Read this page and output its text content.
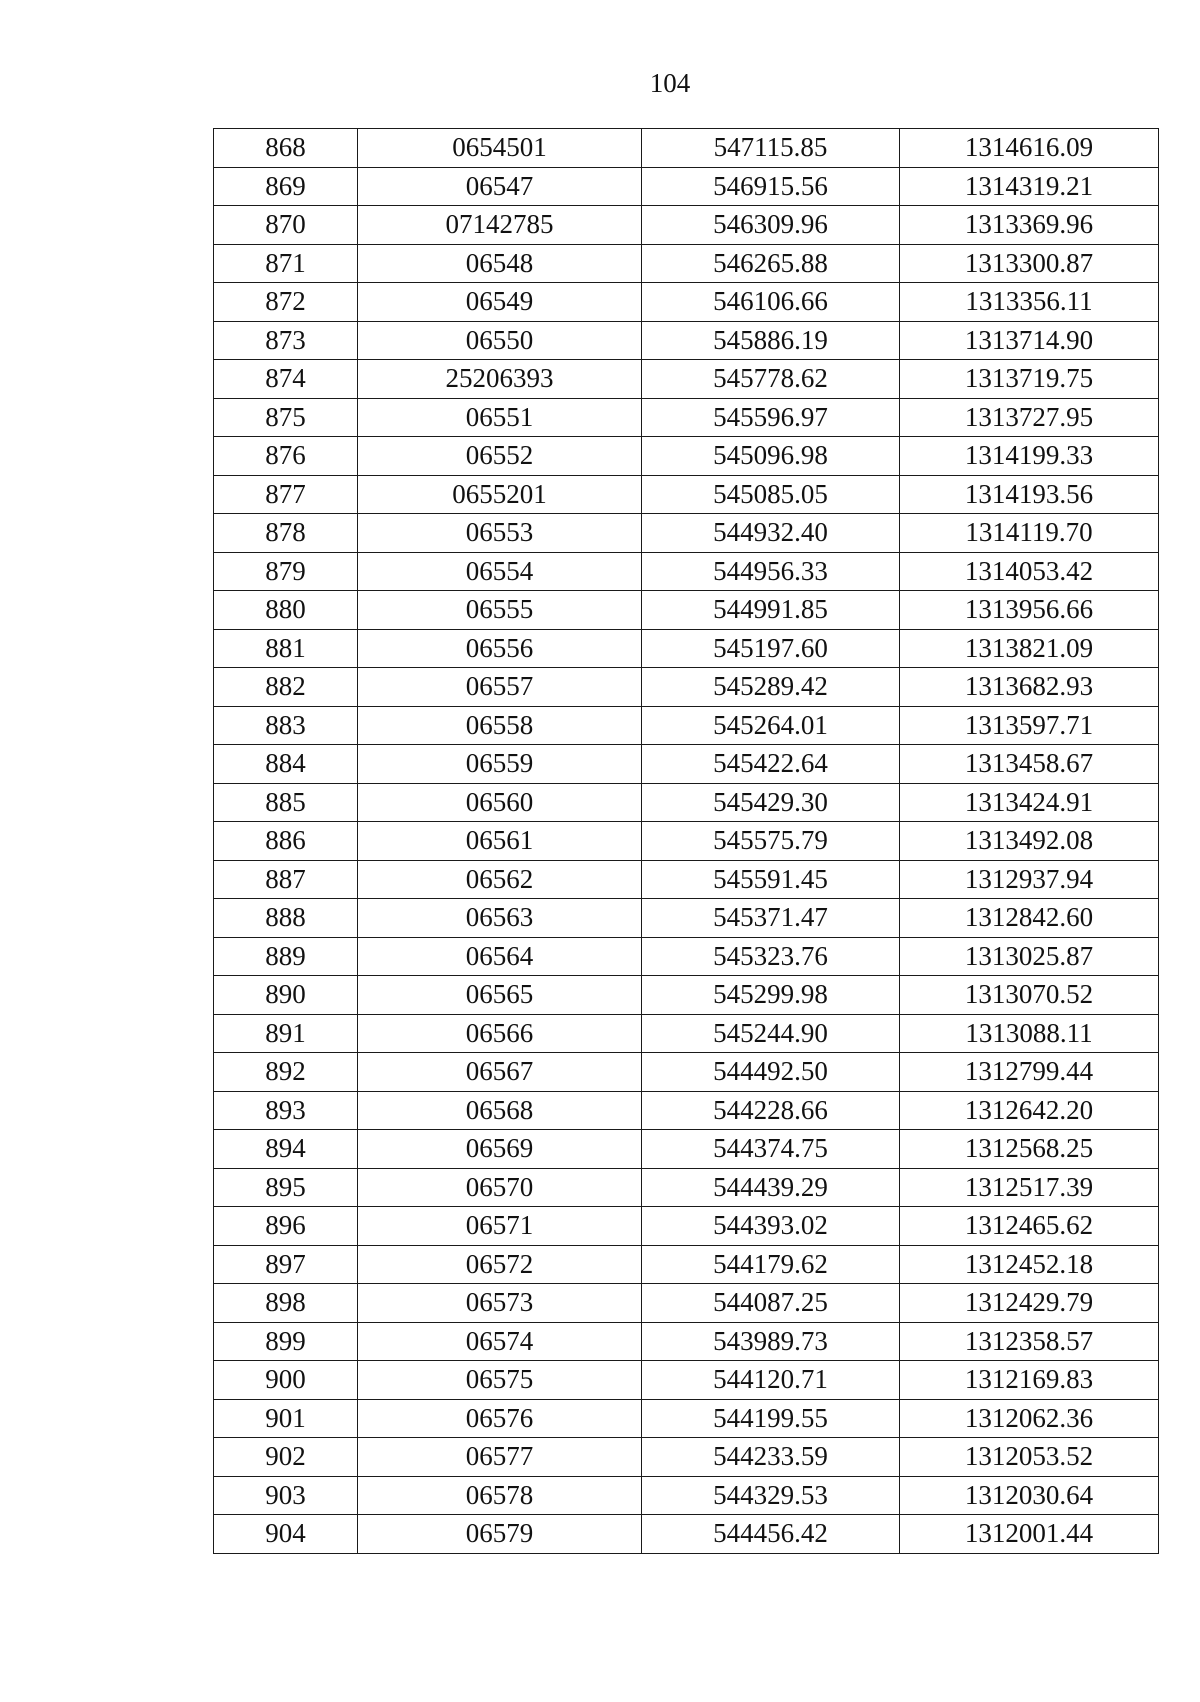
104
868	0654501	547115.85	1314616.09
869	06547	546915.56	1314319.21
870	07142785	546309.96	1313369.96
871	06548	546265.88	1313300.87
872	06549	546106.66	1313356.11
873	06550	545886.19	1313714.90
874	25206393	545778.62	1313719.75
875	06551	545596.97	1313727.95
876	06552	545096.98	1314199.33
877	0655201	545085.05	1314193.56
878	06553	544932.40	1314119.70
879	06554	544956.33	1314053.42
880	06555	544991.85	1313956.66
881	06556	545197.60	1313821.09
882	06557	545289.42	1313682.93
883	06558	545264.01	1313597.71
884	06559	545422.64	1313458.67
885	06560	545429.30	1313424.91
886	06561	545575.79	1313492.08
887	06562	545591.45	1312937.94
888	06563	545371.47	1312842.60
889	06564	545323.76	1313025.87
890	06565	545299.98	1313070.52
891	06566	545244.90	1313088.11
892	06567	544492.50	1312799.44
893	06568	544228.66	1312642.20
894	06569	544374.75	1312568.25
895	06570	544439.29	1312517.39
896	06571	544393.02	1312465.62
897	06572	544179.62	1312452.18
898	06573	544087.25	1312429.79
899	06574	543989.73	1312358.57
900	06575	544120.71	1312169.83
901	06576	544199.55	1312062.36
902	06577	544233.59	1312053.52
903	06578	544329.53	1312030.64
904	06579	544456.42	1312001.44
